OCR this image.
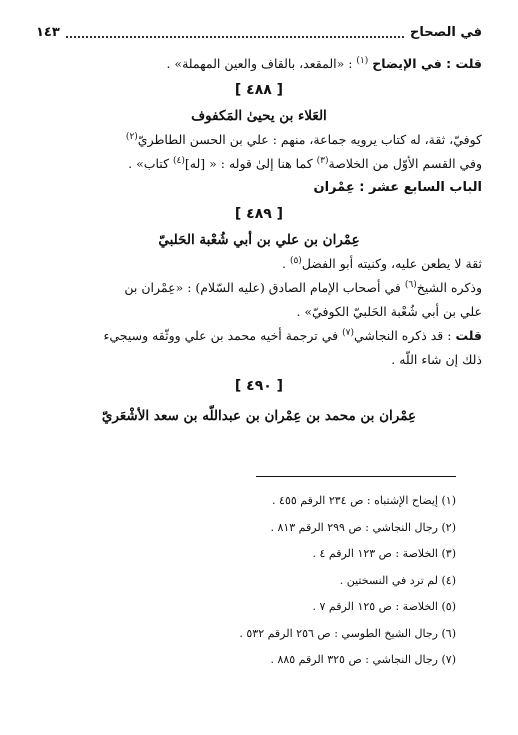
في الصحاح
١٤٣
قلت : في الإيضاح $^{(١)}$ : «المقعد، بالقاف والعين المهملة» .
[ ٤٨٨ ]
العَلاء بن يحيىٰ المَكفوف
كوفيّ، ثقة، له كتاب يرويه جماعة، منهم : علي بن الحسن الطاطريّ$^{(٢)}$
وفي القسم الأوّل من الخلاصة$^{(٣)}$ كما هنا إلىٰ قوله : « [له]$^{(٤)}$ كتاب» .
الباب السابع عشر : عِمْران
[ ٤٨٩ ]
عِمْران بن علي بن أبي شُعْبة الحَلبيّ
ثقة لا يطعن عليه، وكنيته أبو الفضل$^{(٥)}$ .
وذكره الشيخ$^{(٦)}$ في أصحاب الإمام الصادق (عليه السّلام) : «عِمْران بن
علي بن أبي شُعْبة الحَلبيّ الكوفيّ» .
قلت : قد ذكره النجاشي$^{(٧)}$ في ترجمة أخيه محمد بن علي ووثّقه وسيجيء
ذلك إن شاء اللّه .
[ ٤٩٠ ]
عِمْران بن محمد بن عِمْران بن عبداللّه بن سعد الأشْعَريّ
(١) إيضاح الإشتباه : ص ٢٣٤ الرقم ٤٥٥ .
(٢) رجال النجاشي : ص ٢٩٩ الرقم ٨١٣ .
(٣) الخلاصة : ص ١٢٣ الرقم ٤ .
(٤) لم ترد في النسختين .
(٥) الخلاصة : ص ١٢٥ الرقم ٧ .
(٦) رجال الشيخ الطوسي : ص ٢٥٦ الرقم ٥٣٢ .
(٧) رجال النجاشي : ص ٣٢٥ الرقم ٨٨٥ .
